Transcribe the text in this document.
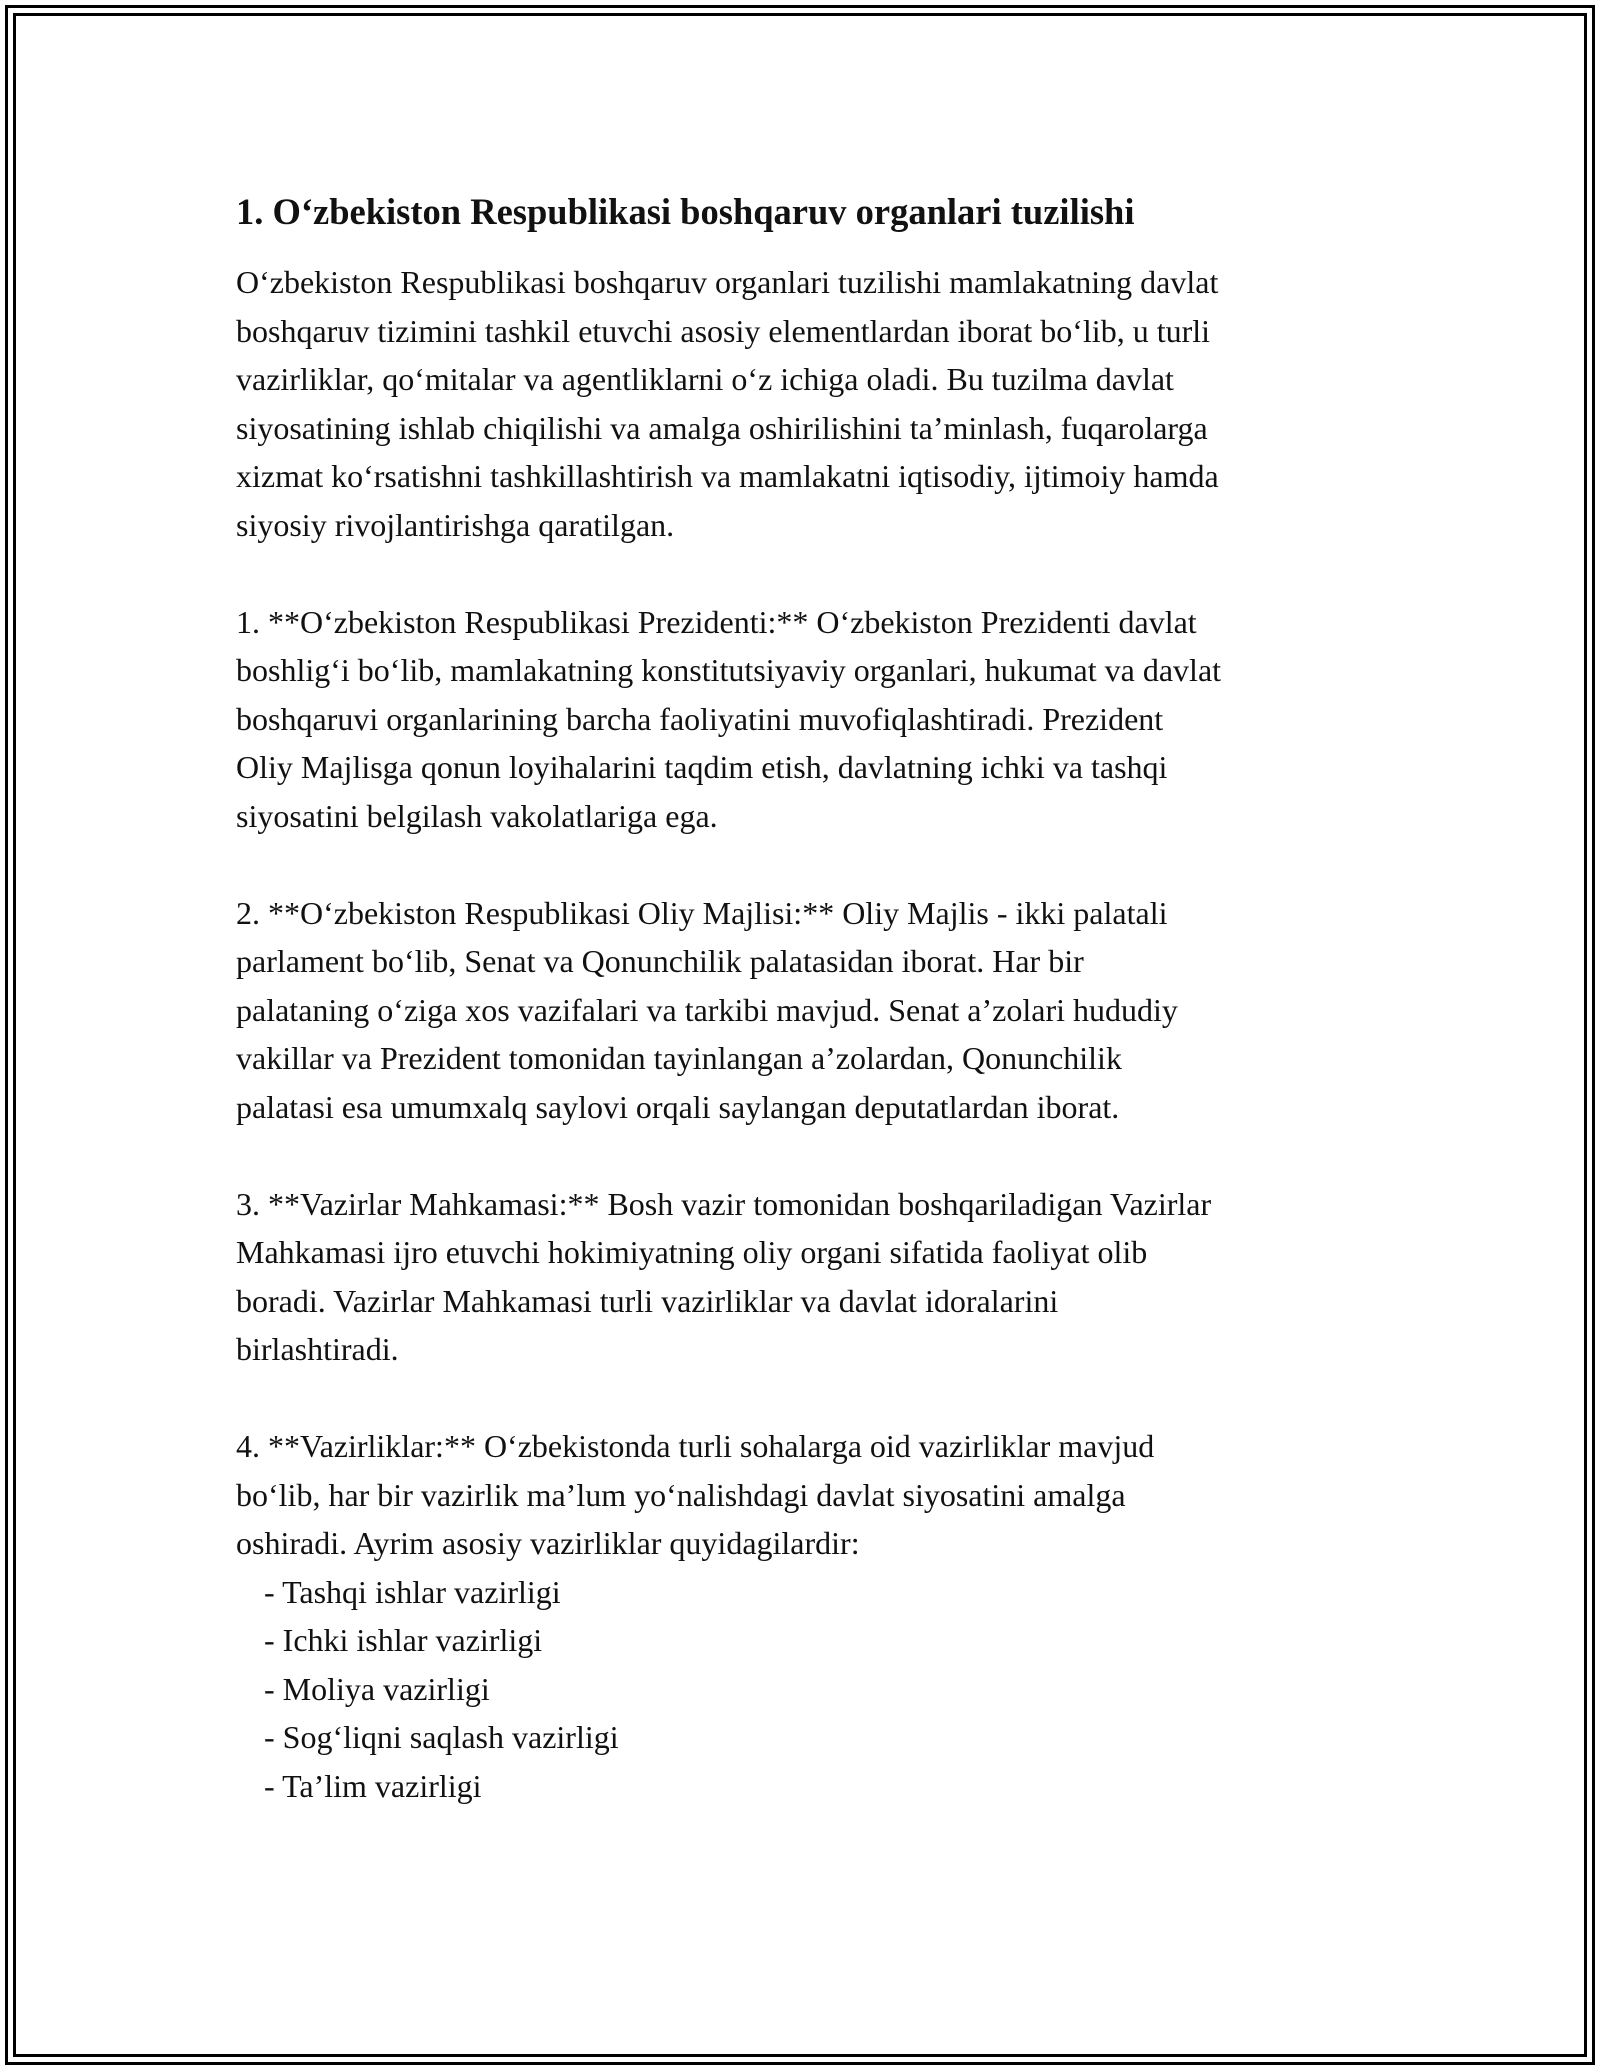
1. O‘zbekiston Respublikasi boshqaruv organlari tuzilishi
O‘zbekiston Respublikasi boshqaruv organlari tuzilishi mamlakatning davlat
boshqaruv tizimini tashkil etuvchi asosiy elementlardan iborat bo‘lib, u turli
vazirliklar, qo‘mitalar va agentliklarni o‘z ichiga oladi. Bu tuzilma davlat
siyosatining ishlab chiqilishi va amalga oshirilishini ta’minlash, fuqarolarga
xizmat ko‘rsatishni tashkillashtirish va mamlakatni iqtisodiy, ijtimoiy hamda
siyosiy rivojlantirishga qaratilgan.
1. **O‘zbekiston Respublikasi Prezidenti:** O‘zbekiston Prezidenti davlat
boshlig‘i bo‘lib, mamlakatning konstitutsiyaviy organlari, hukumat va davlat
boshqaruvi organlarining barcha faoliyatini muvofiqlashtiradi. Prezident
Oliy Majlisga qonun loyihalarini taqdim etish, davlatning ichki va tashqi
siyosatini belgilash vakolatlariga ega.
2. **O‘zbekiston Respublikasi Oliy Majlisi:** Oliy Majlis - ikki palatali
parlament bo‘lib, Senat va Qonunchilik palatasidan iborat. Har bir
palataning o‘ziga xos vazifalari va tarkibi mavjud. Senat a’zolari hududiy
vakillar va Prezident tomonidan tayinlangan a’zolardan, Qonunchilik
palatasi esa umumxalq saylovi orqali saylangan deputatlardan iborat.
3. **Vazirlar Mahkamasi:** Bosh vazir tomonidan boshqariladigan Vazirlar
Mahkamasi ijro etuvchi hokimiyatning oliy organi sifatida faoliyat olib
boradi. Vazirlar Mahkamasi turli vazirliklar va davlat idoralarini
birlashtiradi.
4. **Vazirliklar:** O‘zbekistonda turli sohalarga oid vazirliklar mavjud
bo‘lib, har bir vazirlik ma’lum yo‘nalishdagi davlat siyosatini amalga
oshiradi. Ayrim asosiy vazirliklar quyidagilardir:
- Tashqi ishlar vazirligi
- Ichki ishlar vazirligi
- Moliya vazirligi
- Sog‘liqni saqlash vazirligi
- Ta’lim vazirligi
